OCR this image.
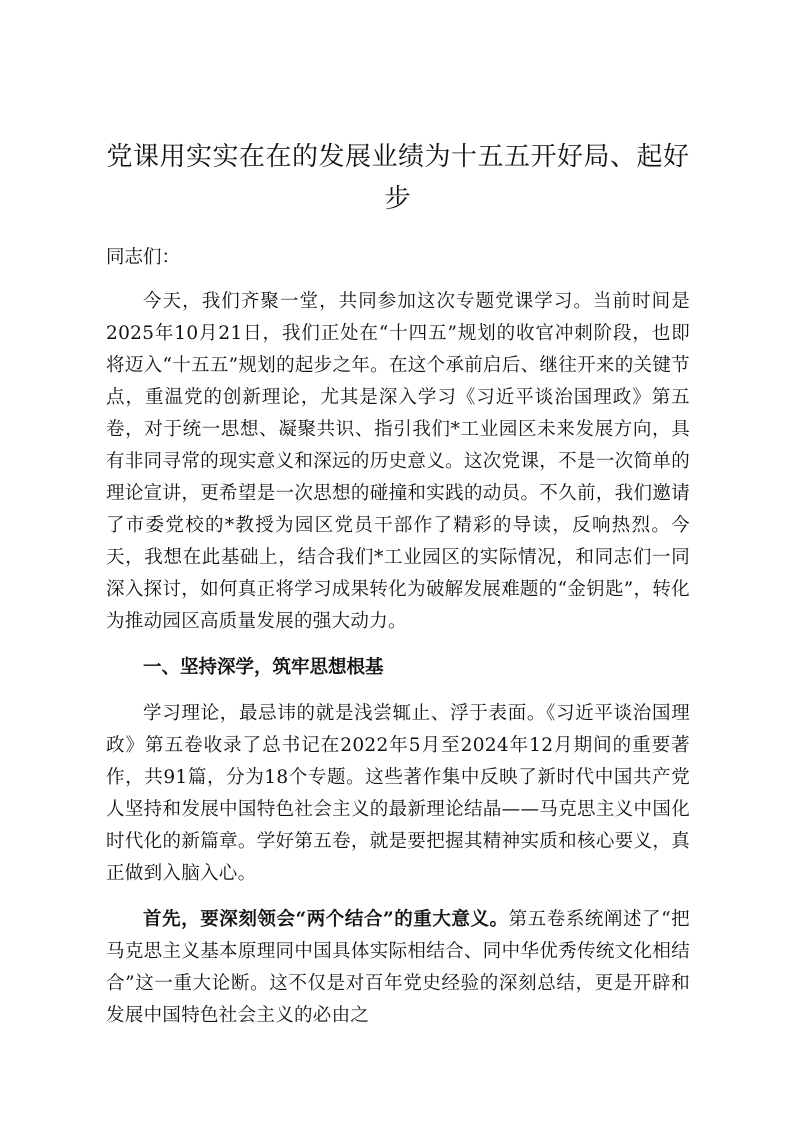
党课用实实在在的发展业绩为十五五开好局、起好步

同志们：

今天，我们齐聚一堂，共同参加这次专题党课学习。当前时间是2025年10月21日，我们正处在“十四五”规划的收官冲刺阶段，也即将迈入“十五五”规划的起步之年。在这个承前启后、继往开来的关键节点，重温党的创新理论，尤其是深入学习《习近平谈治国理政》第五卷，对于统一思想、凝聚共识、指引我们*工业园区未来发展方向，具有非同寻常的现实意义和深远的历史意义。这次党课，不是一次简单的理论宣讲，更希望是一次思想的碰撞和实践的动员。不久前，我们邀请了市委党校的*教授为园区党员干部作了精彩的导读，反响热烈。今天，我想在此基础上，结合我们*工业园区的实际情况，和同志们一同深入探讨，如何真正将学习成果转化为破解发展难题的“金钥匙”，转化为推动园区高质量发展的强大动力。

一、坚持深学，筑牢思想根基

学习理论，最忌讳的就是浅尝辄止、浮于表面。《习近平谈治国理政》第五卷收录了总书记在2022年5月至2024年12月期间的重要著作，共91篇，分为18个专题。这些著作集中反映了新时代中国共产党人坚持和发展中国特色社会主义的最新理论结晶——马克思主义中国化时代化的新篇章。学好第五卷，就是要把握其精神实质和核心要义，真正做到入脑入心。

首先，要深刻领会“两个结合”的重大意义。第五卷系统阐述了“把马克思主义基本原理同中国具体实际相结合、同中华优秀传统文化相结合”这一重大论断。这不仅是对百年党史经验的深刻总结，更是开辟和发展中国特色社会主义的必由之
